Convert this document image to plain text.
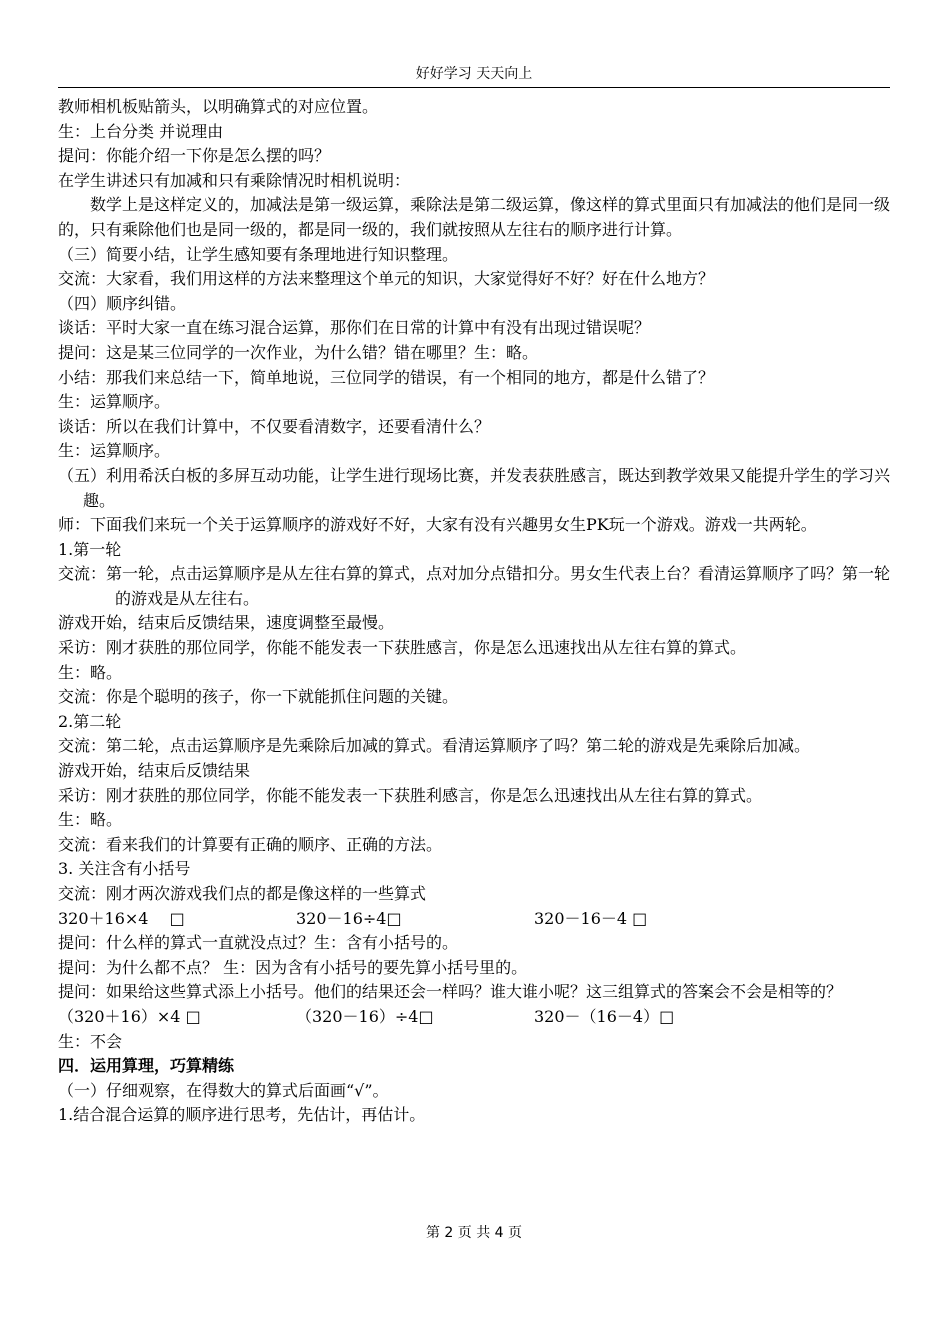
好好学习 天天向上

教师相机板贴箭头，以明确算式的对应位置。

生：上台分类 并说理由

提问：你能介绍一下你是怎么摆的吗？

在学生讲述只有加减和只有乘除情况时相机说明：

数学上是这样定义的，加减法是第一级运算，乘除法是第二级运算，像这样的算式里面只有加减法的他们是同一级的，只有乘除他们也是同一级的，都是同一级的，我们就按照从左往右的顺序进行计算。

（三）简要小结，让学生感知要有条理地进行知识整理。

交流：大家看，我们用这样的方法来整理这个单元的知识，大家觉得好不好？好在什么地方？

（四）顺序纠错。

谈话：平时大家一直在练习混合运算，那你们在日常的计算中有没有出现过错误呢？

提问：这是某三位同学的一次作业，为什么错？错在哪里？生：略。

小结：那我们来总结一下，简单地说，三位同学的错误，有一个相同的地方，都是什么错了？

生：运算顺序。

谈话：所以在我们计算中，不仅要看清数字，还要看清什么？

生：运算顺序。

（五）利用希沃白板的多屏互动功能，让学生进行现场比赛，并发表获胜感言，既达到教学效果又能提升学生的学习兴趣。

师：下面我们来玩一个关于运算顺序的游戏好不好，大家有没有兴趣男女生PK玩一个游戏。游戏一共两轮。

1.第一轮

交流：第一轮，点击运算顺序是从左往右算的算式，点对加分点错扣分。男女生代表上台？看清运算顺序了吗？第一轮的游戏是从左往右。

游戏开始，结束后反馈结果，速度调整至最慢。

采访：刚才获胜的那位同学，你能不能发表一下获胜感言，你是怎么迅速找出从左往右算的算式。

生：略。

交流：你是个聪明的孩子，你一下就能抓住问题的关键。

2.第二轮

交流：第二轮，点击运算顺序是先乘除后加减的算式。看清运算顺序了吗？第二轮的游戏是先乘除后加减。

游戏开始，结束后反馈结果

采访：刚才获胜的那位同学，你能不能发表一下获胜利感言，你是怎么迅速找出从左往右算的算式。

生：略。

交流：看来我们的计算要有正确的顺序、正确的方法。

3. 关注含有小括号

交流：刚才两次游戏我们点的都是像这样的一些算式

320＋16×4　 □	320－16÷4□	320－16－4 □

提问：什么样的算式一直就没点过？生：含有小括号的。

提问：为什么都不点？ 生：因为含有小括号的要先算小括号里的。

提问：如果给这些算式添上小括号。他们的结果还会一样吗？谁大谁小呢？这三组算式的答案会不会是相等的？

（320＋16）×4 □	（320－16）÷4□	320－（16－4）□

生：不会

四．运用算理，巧算精练

（一）仔细观察，在得数大的算式后面画“√”。

1.结合混合运算的顺序进行思考，先估计，再估计。

第 2 页 共 4 页
